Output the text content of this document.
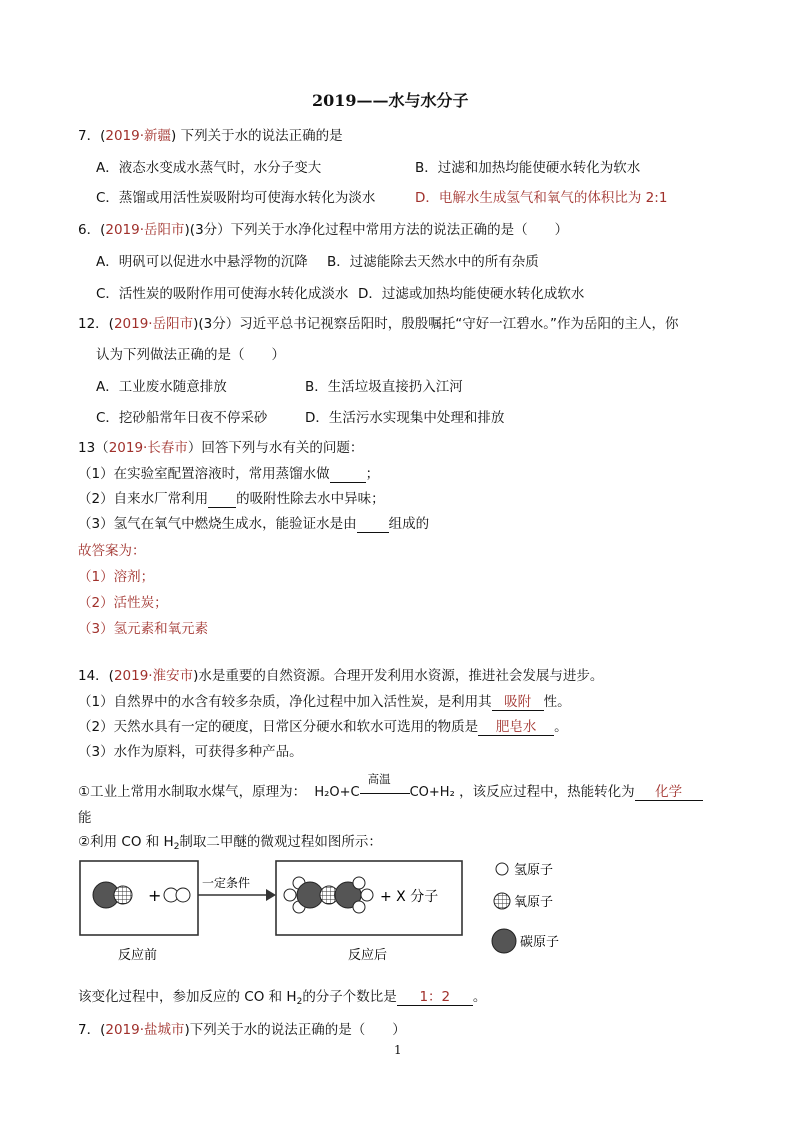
2019——水与水分子
7．(2019·新疆) 下列关于水的说法正确的是
A．液态水变成水蒸气时，水分子变大	B．过滤和加热均能使硬水转化为软水
C．蒸馏或用活性炭吸附均可使海水转化为淡水	D．电解水生成氢气和氧气的体积比为 2:1
6．(2019·岳阳市)(3分）下列关于水净化过程中常用方法的说法正确的是（　　）
A．明矾可以促进水中悬浮物的沉降 B．过滤能除去天然水中的所有杂质
C．活性炭的吸附作用可使海水转化成淡水 D．过滤或加热均能使硬水转化成软水
12．(2019·岳阳市)(3分）习近平总书记视察岳阳时，殷殷嘱托“守好一江碧水。”作为岳阳的主人，你
认为下列做法正确的是（　　）
A．工业废水随意排放	B．生活垃圾直接扔入江河
C．挖砂船常年日夜不停采砂	D．生活污水实现集中处理和排放
13（2019·长春市）回答下列与水有关的问题：
（1）在实验室配置溶液时，常用蒸馏水做	；
（2）自来水厂常利用 的吸附性除去水中异味；
（3）氢气在氧气中燃烧生成水，能验证水是由 组成的
故答案为：
（1）溶剂；
（2）活性炭；
（3）氢元素和氧元素
14．(2019·淮安市)水是重要的自然资源。合理开发利用水资源，推进社会发展与进步。
（1）自然界中的水含有较多杂质，净化过程中加入活性炭，是利用其 吸附 性。
（2）天然水具有一定的硬度，日常区分硬水和软水可选用的物质是 肥皂水 。
（3）水作为原料，可获得多种产品。
①工业上常用水制取水煤气，原理为： H₂O+C
高温
CO+H₂ ，该反应过程中，热能转化为 化学
能
②利用 CO 和 $H_2$制取二甲醚的微观过程如图所示：
+
一定条件
+ X 分子
反应前	反应后
氢原子
氧原子
碳原子
该变化过程中，参加反应的 CO 和 $H_2$的分子个数比是 1：2 。
7．(2019·盐城市)下列关于水的说法正确的是（　　）
1
